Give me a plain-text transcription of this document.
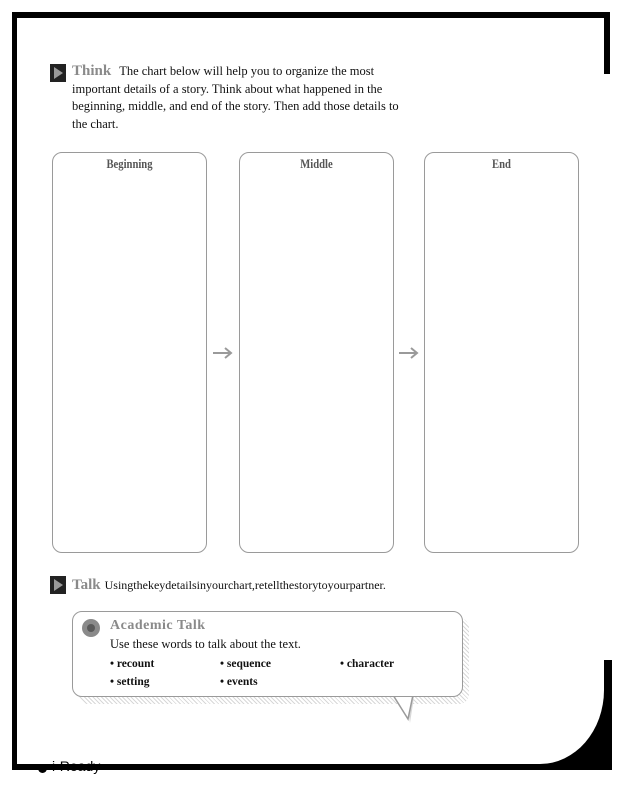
Think The chart below will help you to organize the most
important details of a story. Think about what happened in the
beginning, middle, and end of the story. Then add those details to
the chart.
Beginning	Middle	End
Talk Usingthekeydetailsinyourchart,retellthestorytoyourpartner.
Academic Talk
Use these words to talk about the text.
• recount	• sequence	• character
• setting	• events
i-Ready
